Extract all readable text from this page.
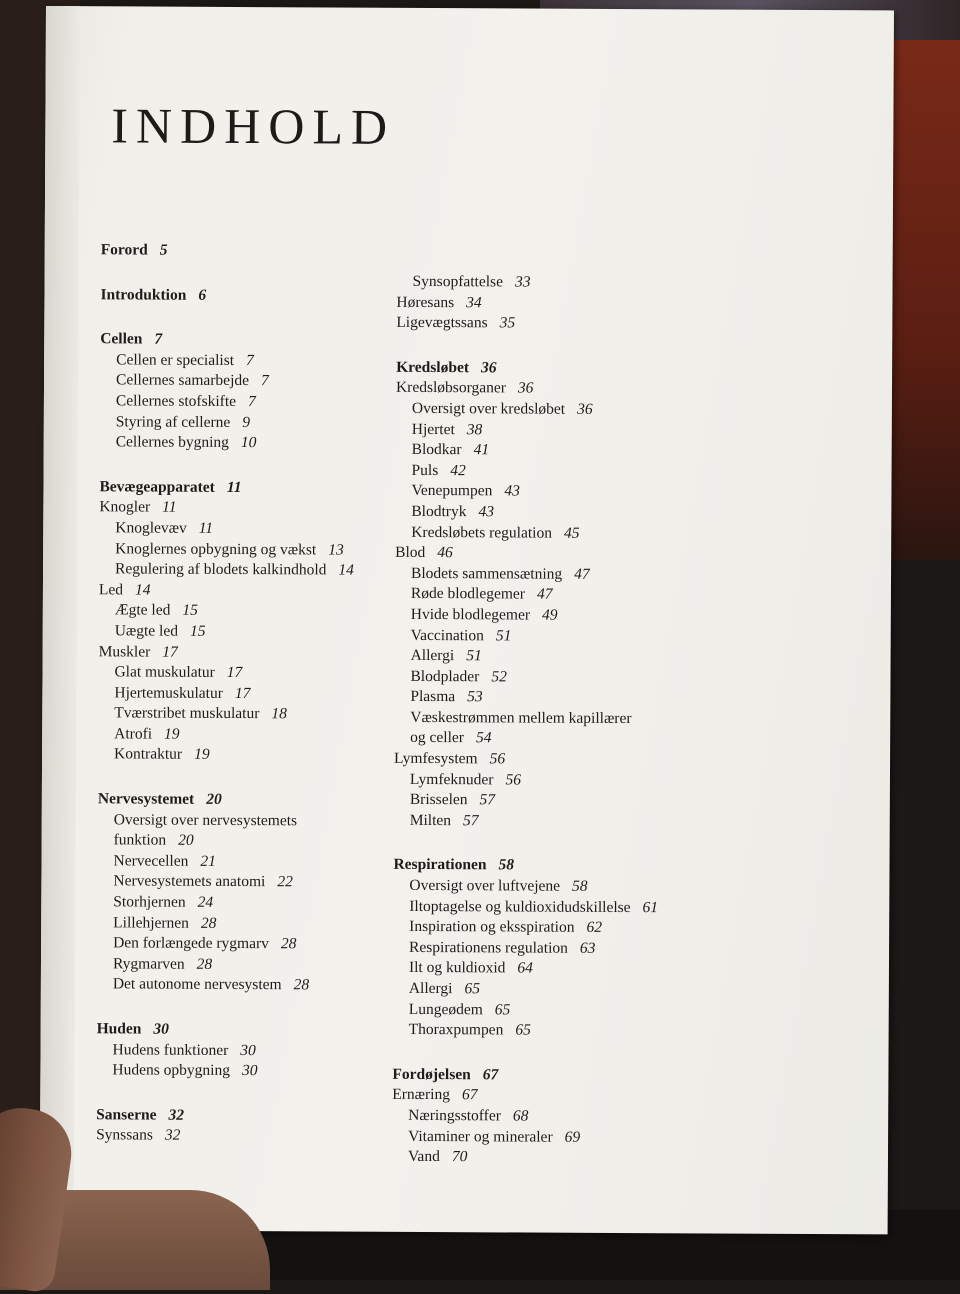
INDHOLD
Forord 5
Introduktion 6
Cellen 7
Cellen er specialist 7
Cellernes samarbejde 7
Cellernes stofskifte 7
Styring af cellerne 9
Cellernes bygning 10
Bevægeapparatet 11
Knogler 11
Knoglevæv 11
Knoglernes opbygning og vækst 13
Regulering af blodets kalkindhold 14
Led 14
Ægte led 15
Uægte led 15
Muskler 17
Glat muskulatur 17
Hjertemuskulatur 17
Tværstribet muskulatur 18
Atrofi 19
Kontraktur 19
Nervesystemet 20
Oversigt over nervesystemets
funktion 20
Nervecellen 21
Nervesystemets anatomi 22
Storhjernen 24
Lillehjernen 28
Den forlængede rygmarv 28
Rygmarven 28
Det autonome nervesystem 28
Huden 30
Hudens funktioner 30
Hudens opbygning 30
Sanserne 32
Synssans 32
Synsopfattelse 33
Høresans 34
Ligevægtssans 35
Kredsløbet 36
Kredsløbsorganer 36
Oversigt over kredsløbet 36
Hjertet 38
Blodkar 41
Puls 42
Venepumpen 43
Blodtryk 43
Kredsløbets regulation 45
Blod 46
Blodets sammensætning 47
Røde blodlegemer 47
Hvide blodlegemer 49
Vaccination 51
Allergi 51
Blodplader 52
Plasma 53
Væskestrømmen mellem kapillærer
og celler 54
Lymfesystem 56
Lymfeknuder 56
Brisselen 57
Milten 57
Respirationen 58
Oversigt over luftvejene 58
Iltoptagelse og kuldioxidudskillelse 61
Inspiration og eksspiration 62
Respirationens regulation 63
Ilt og kuldioxid 64
Allergi 65
Lungeødem 65
Thoraxpumpen 65
Fordøjelsen 67
Ernæring 67
Næringsstoffer 68
Vitaminer og mineraler 69
Vand 70
